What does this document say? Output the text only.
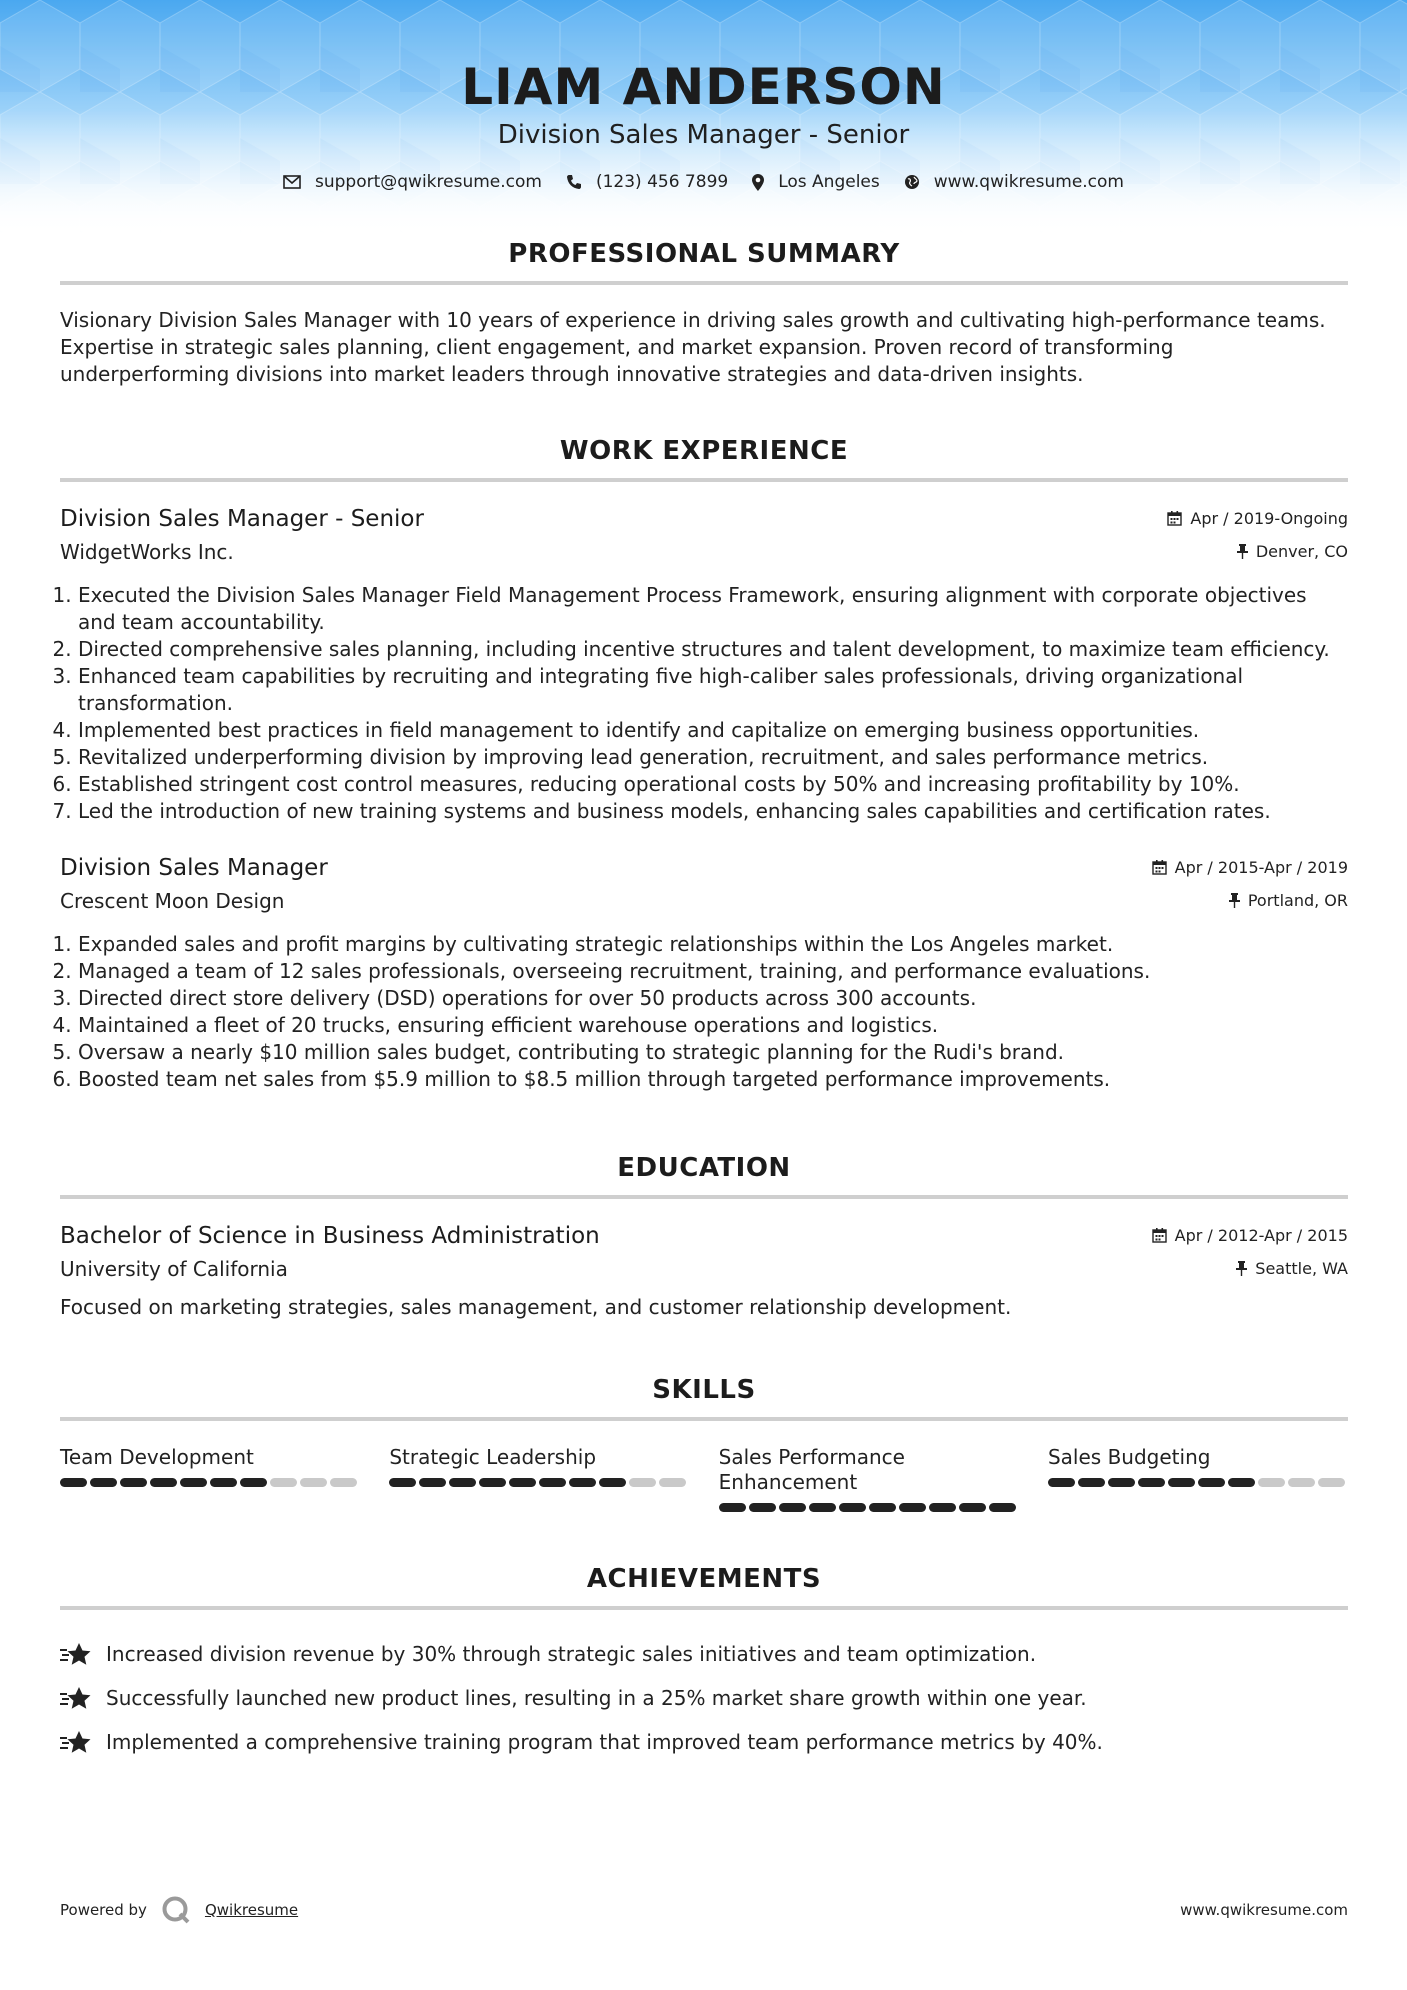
LIAM ANDERSON
Division Sales Manager - Senior
support@qwikresume.com	(123) 456 7899	Los Angeles	www.qwikresume.com
PROFESSIONAL SUMMARY
Visionary Division Sales Manager with 10 years of experience in driving sales growth and cultivating high-performance teams. Expertise in strategic sales planning, client engagement, and market expansion. Proven record of transforming underperforming divisions into market leaders through innovative strategies and data-driven insights.
WORK EXPERIENCE
Division Sales Manager - Senior	Apr / 2019-Ongoing
WidgetWorks Inc.	Denver, CO
1. Executed the Division Sales Manager Field Management Process Framework, ensuring alignment with corporate objectives and team accountability.
2. Directed comprehensive sales planning, including incentive structures and talent development, to maximize team efficiency.
3. Enhanced team capabilities by recruiting and integrating five high-caliber sales professionals, driving organizational transformation.
4. Implemented best practices in field management to identify and capitalize on emerging business opportunities.
5. Revitalized underperforming division by improving lead generation, recruitment, and sales performance metrics.
6. Established stringent cost control measures, reducing operational costs by 50% and increasing profitability by 10%.
7. Led the introduction of new training systems and business models, enhancing sales capabilities and certification rates.
Division Sales Manager	Apr / 2015-Apr / 2019
Crescent Moon Design	Portland, OR
1. Expanded sales and profit margins by cultivating strategic relationships within the Los Angeles market.
2. Managed a team of 12 sales professionals, overseeing recruitment, training, and performance evaluations.
3. Directed direct store delivery (DSD) operations for over 50 products across 300 accounts.
4. Maintained a fleet of 20 trucks, ensuring efficient warehouse operations and logistics.
5. Oversaw a nearly $10 million sales budget, contributing to strategic planning for the Rudi's brand.
6. Boosted team net sales from $5.9 million to $8.5 million through targeted performance improvements.
EDUCATION
Bachelor of Science in Business Administration	Apr / 2012-Apr / 2015
University of California	Seattle, WA
Focused on marketing strategies, sales management, and customer relationship development.
SKILLS
Team Development	Strategic Leadership	Sales Performance Enhancement
Sales Budgeting
ACHIEVEMENTS
Increased division revenue by 30% through strategic sales initiatives and team optimization.
Successfully launched new product lines, resulting in a 25% market share growth within one year.
Implemented a comprehensive training program that improved team performance metrics by 40%.
Powered by	Qwikresume	www.qwikresume.com
